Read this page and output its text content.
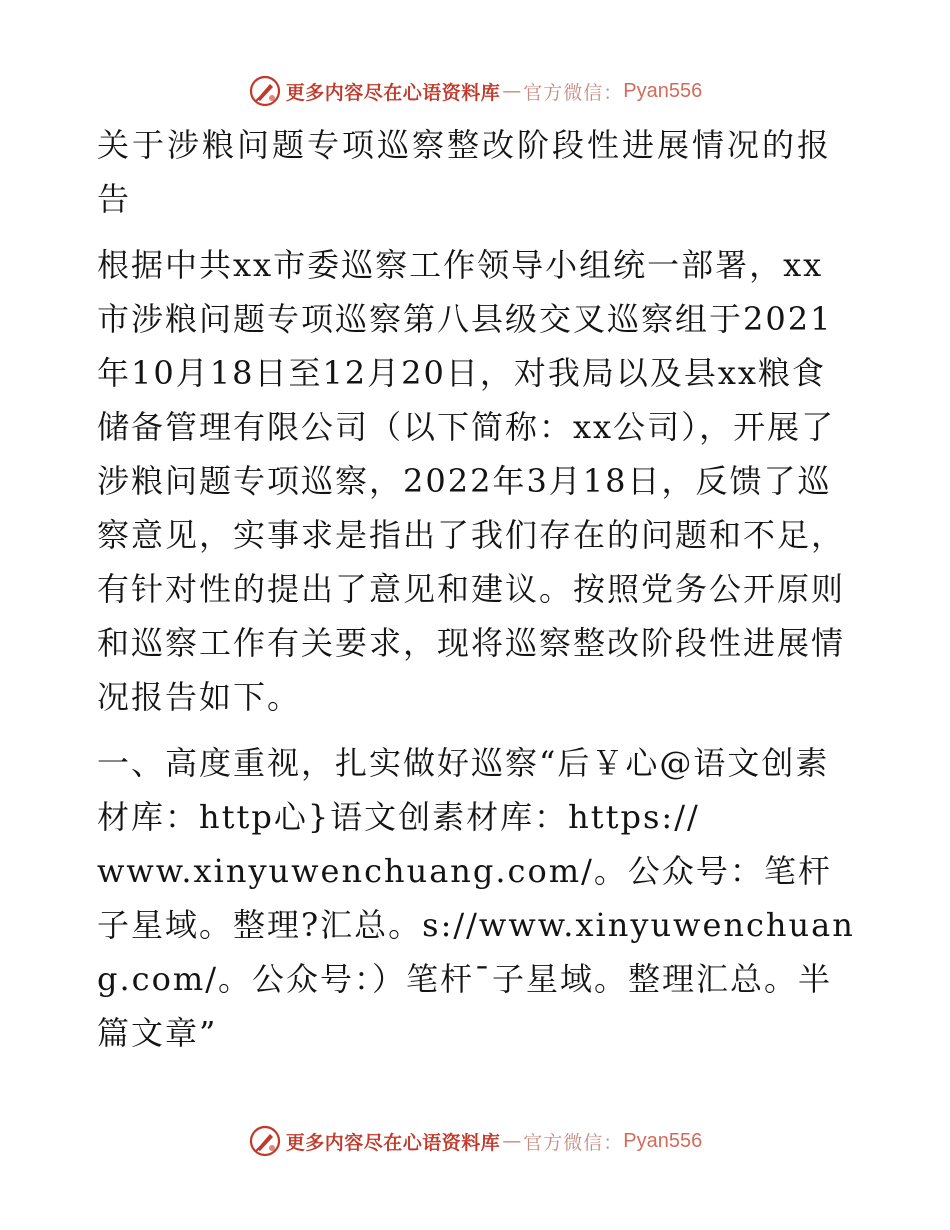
更多内容尽在心语资料库 — 官方微信： Pyan556

关于涉粮问题专项巡察整改阶段性进展情况的报告

根据中共xx市委巡察工作领导小组统一部署，xx市涉粮问题专项巡察第八县级交叉巡察组于2021年10月18日至12月20日，对我局以及县xx粮食储备管理有限公司（以下简称：xx公司），开展了涉粮问题专项巡察，2022年3月18日，反馈了巡察意见，实事求是指出了我们存在的问题和不足，有针对性的提出了意见和建议。按照党务公开原则和巡察工作有关要求，现将巡察整改阶段性进展情况报告如下。

一、高度重视，扎实做好巡察“后￥心@语文创素材库：http心}语文创素材库：https://

www.xinyuwenchuang.com/。公众号：笔杆子星域。整理?汇总。s://www.xinyuwenchuang.com/。公众号：）笔杆¯子星域。整理汇总。半篇文章”

更多内容尽在心语资料库 — 官方微信： Pyan556
